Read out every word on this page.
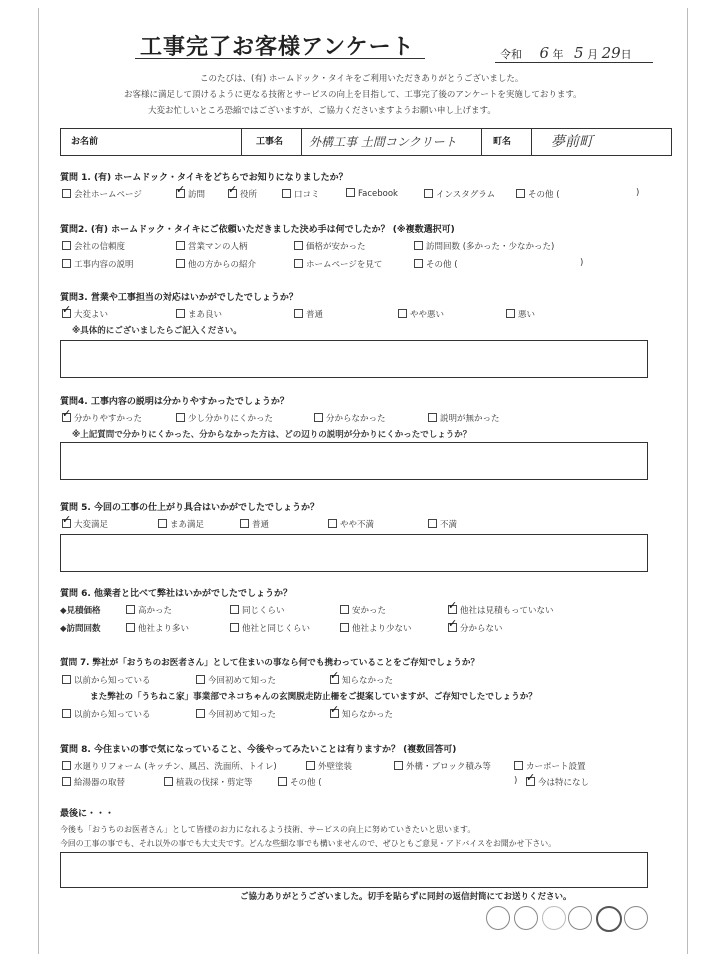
工事完了お客様アンケート	令和 6 年 5 月 29日
このたびは、(有) ホームドック・タイキをご利用いただきありがとうございました。
お客様に満足して頂けるように更なる技術とサービスの向上を目指して、工事完了後のアンケートを実施しております。
大変お忙しいところ恐縮ではございますが、ご協力くださいますようお願い申し上げます。
お名前	工事名 外構工事 土間コンクリート	町名	夢前町
質問 1. (有) ホームドック・タイキをどちらでお知りになりましたか？
会社ホームページ ✓	訪問 ✓	役所	口コミ	Facebook	インスタグラム	その他 (	)
質問2. (有) ホームドック・タイキにご依頼いただきました決め手は何でしたか？ (※複数選択可)
会社の信頼度	営業マンの人柄	価格が安かった	訪問回数 (多かった・少なかった)
工事内容の説明	他の方からの紹介	ホームページを見て	その他 (	)
質問3. 営業や工事担当の対応はいかがでしたでしょうか？
✓大変よい	まあ良い	普通	やや悪い	悪い
※具体的にございましたらご記入ください。
質問4. 工事内容の説明は分かりやすかったでしょうか？
✓分かりやすかった	少し分かりにくかった	分からなかった	説明が無かった
※上記質問で分かりにくかった、分からなかった方は、どの辺りの説明が分かりにくかったでしょうか？
質問 5. 今回の工事の仕上がり具合はいかがでしたでしょうか？
✓大変満足	まあ満足	普通	やや不満	不満
質問 6. 他業者と比べて弊社はいかがでしたでしょうか？
◆見積価格	高かった	同じくらい	安かった ✓	他社は見積もっていない
◆訪問回数	他社より多い	他社と同じくらい	他社より少ない ✓	分からない
質問 7. 弊社が「おうちのお医者さん」として住まいの事なら何でも携わっていることをご存知でしょうか？
以前から知っている	今回初めて知った ✓	知らなかった
また弊社の「うちねこ家」事業部でネコちゃんの玄関脱走防止柵をご提案していますが、ご存知でしたでしょうか？
以前から知っている	今回初めて知った ✓	知らなかった
質問 8. 今住まいの事で気になっていること、今後やってみたいことは有りますか？ (複数回答可)
水廻りリフォーム (キッチン、風呂、洗面所、トイレ)	外壁塗装	外構・ブロック積み等	カーポート設置
給湯器の取替	植栽の伐採・剪定等	その他 (	) ✓	今は特になし
最後に・・・
今後も「おうちのお医者さん」として皆様のお力になれるよう技術、サービスの向上に努めていきたいと思います。
今回の工事の事でも、それ以外の事でも大丈夫です。どんな些細な事でも構いませんので、ぜひともご意見・アドバイスをお聞かせ下さい。
ご協力ありがとうございました。切手を貼らずに同封の返信封筒にてお送りください。
